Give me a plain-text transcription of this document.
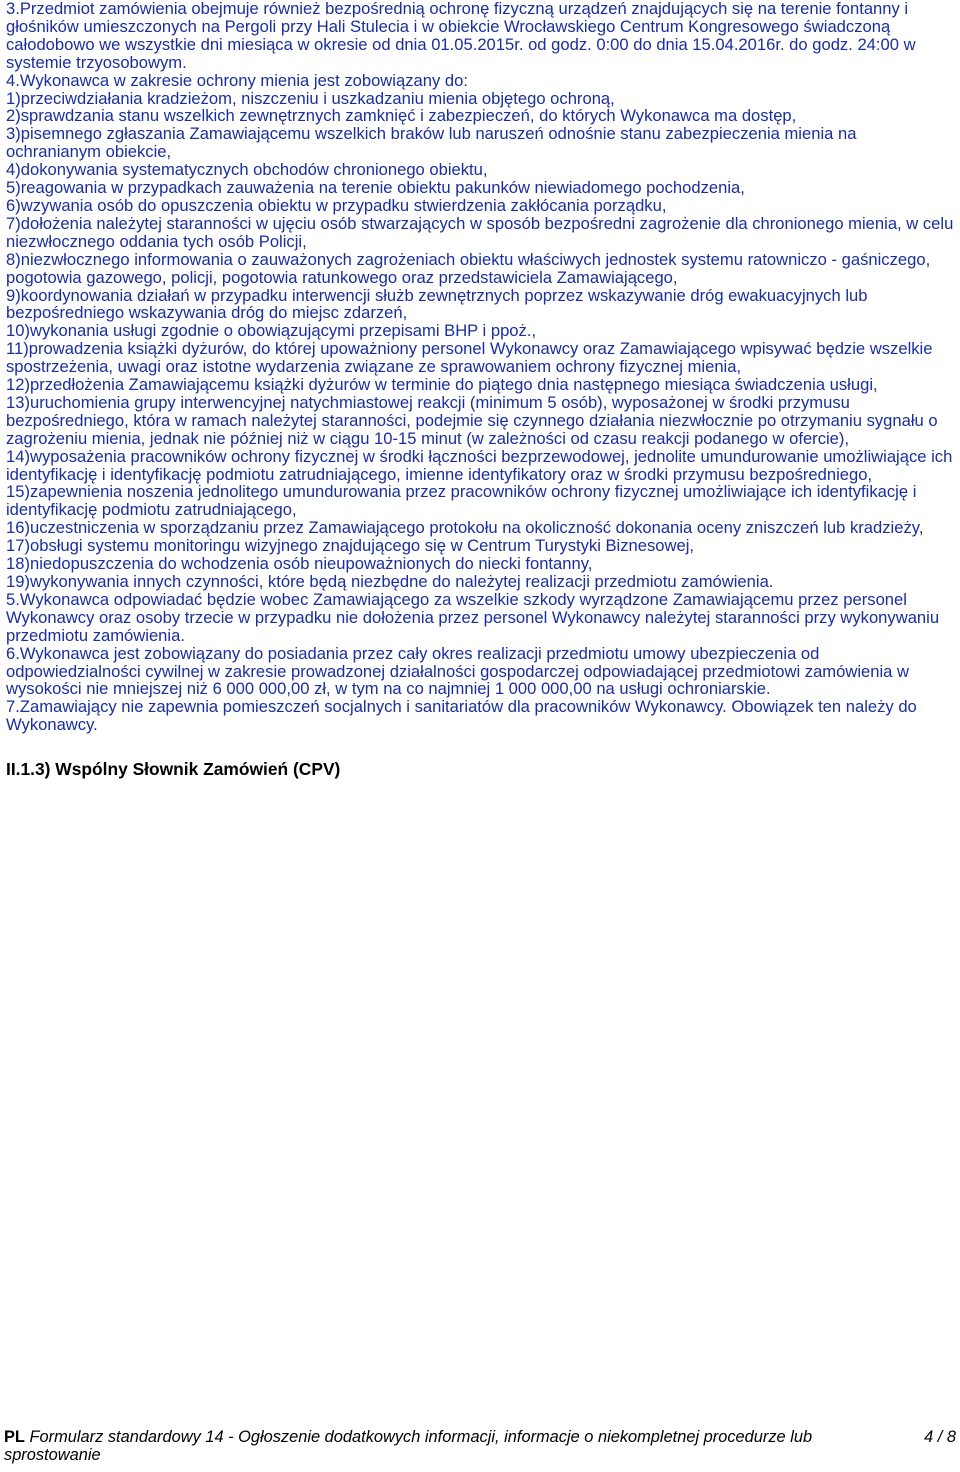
3.Przedmiot zamówienia obejmuje również bezpośrednią ochronę fizyczną urządzeń znajdujących się na terenie fontanny i głośników umieszczonych na Pergoli przy Hali Stulecia i w obiekcie Wrocławskiego Centrum Kongresowego świadczoną całodobowo we wszystkie dni miesiąca w okresie od dnia 01.05.2015r. od godz. 0:00 do dnia 15.04.2016r. do godz. 24:00 w systemie trzyosobowym.

4.Wykonawca w zakresie ochrony mienia jest zobowiązany do:

1)przeciwdziałania kradzieżom, niszczeniu i uszkadzaniu mienia objętego ochroną,

2)sprawdzania stanu wszelkich zewnętrznych zamknięć i zabezpieczeń, do których Wykonawca ma dostęp,

3)pisemnego zgłaszania Zamawiającemu wszelkich braków lub naruszeń odnośnie stanu zabezpieczenia mienia na ochranianym obiekcie,

4)dokonywania systematycznych obchodów chronionego obiektu,

5)reagowania w przypadkach zauważenia na terenie obiektu pakunków niewiadomego pochodzenia,

6)wzywania osób do opuszczenia obiektu w przypadku stwierdzenia zakłócania porządku,

7)dołożenia należytej staranności w ujęciu osób stwarzających w sposób bezpośredni zagrożenie dla chronionego mienia, w celu niezwłocznego oddania tych osób Policji,

8)niezwłocznego informowania o zauważonych zagrożeniach obiektu właściwych jednostek systemu ratowniczo - gaśniczego, pogotowia gazowego, policji, pogotowia ratunkowego oraz przedstawiciela Zamawiającego,

9)koordynowania działań w przypadku interwencji służb zewnętrznych poprzez wskazywanie dróg ewakuacyjnych lub bezpośredniego wskazywania dróg do miejsc zdarzeń,

10)wykonania usługi zgodnie o obowiązującymi przepisami BHP i ppoż.,

11)prowadzenia książki dyżurów, do której upoważniony personel Wykonawcy oraz Zamawiającego wpisywać będzie wszelkie spostrzeżenia, uwagi oraz istotne wydarzenia związane ze sprawowaniem ochrony fizycznej mienia,

12)przedłożenia Zamawiającemu książki dyżurów w terminie do piątego dnia następnego miesiąca świadczenia usługi,

13)uruchomienia grupy interwencyjnej natychmiastowej reakcji (minimum 5 osób), wyposażonej w środki przymusu bezpośredniego, która w ramach należytej staranności, podejmie się czynnego działania niezwłocznie po otrzymaniu sygnału o zagrożeniu mienia, jednak nie później niż w ciągu 10-15 minut (w zależności od czasu reakcji podanego w ofercie),

14)wyposażenia pracowników ochrony fizycznej w środki łączności bezprzewodowej, jednolite umundurowanie umożliwiające ich identyfikację i identyfikację podmiotu zatrudniającego, imienne identyfikatory oraz w środki przymusu bezpośredniego,

15)zapewnienia noszenia jednolitego umundurowania przez pracowników ochrony fizycznej umożliwiające ich identyfikację i identyfikację podmiotu zatrudniającego,

16)uczestniczenia w sporządzaniu przez Zamawiającego protokołu na okoliczność dokonania oceny zniszczeń lub kradzieży,

17)obsługi systemu monitoringu wizyjnego znajdującego się w Centrum Turystyki Biznesowej,

18)niedopuszczenia do wchodzenia osób nieupoważnionych do niecki fontanny,

19)wykonywania innych czynności, które będą niezbędne do należytej realizacji przedmiotu zamówienia.

5.Wykonawca odpowiadać będzie wobec Zamawiającego za wszelkie szkody wyrządzone Zamawiającemu przez personel Wykonawcy oraz osoby trzecie w przypadku nie dołożenia przez personel Wykonawcy należytej staranności przy wykonywaniu przedmiotu zamówienia.

6.Wykonawca jest zobowiązany do posiadania przez cały okres realizacji przedmiotu umowy ubezpieczenia od odpowiedzialności cywilnej w zakresie prowadzonej działalności gospodarczej odpowiadającej przedmiotowi zamówienia w wysokości nie mniejszej niż 6 000 000,00 zł, w tym na co najmniej 1 000 000,00 na usługi ochroniarskie.

7.Zamawiający nie zapewnia pomieszczeń socjalnych i sanitariatów dla pracowników Wykonawcy. Obowiązek ten należy do Wykonawcy.

II.1.3) Wspólny Słownik Zamówień (CPV)
PL Formularz standardowy 14 - Ogłoszenie dodatkowych informacji, informacje o niekompletnej procedurze lub sprostowanie
4 / 8
